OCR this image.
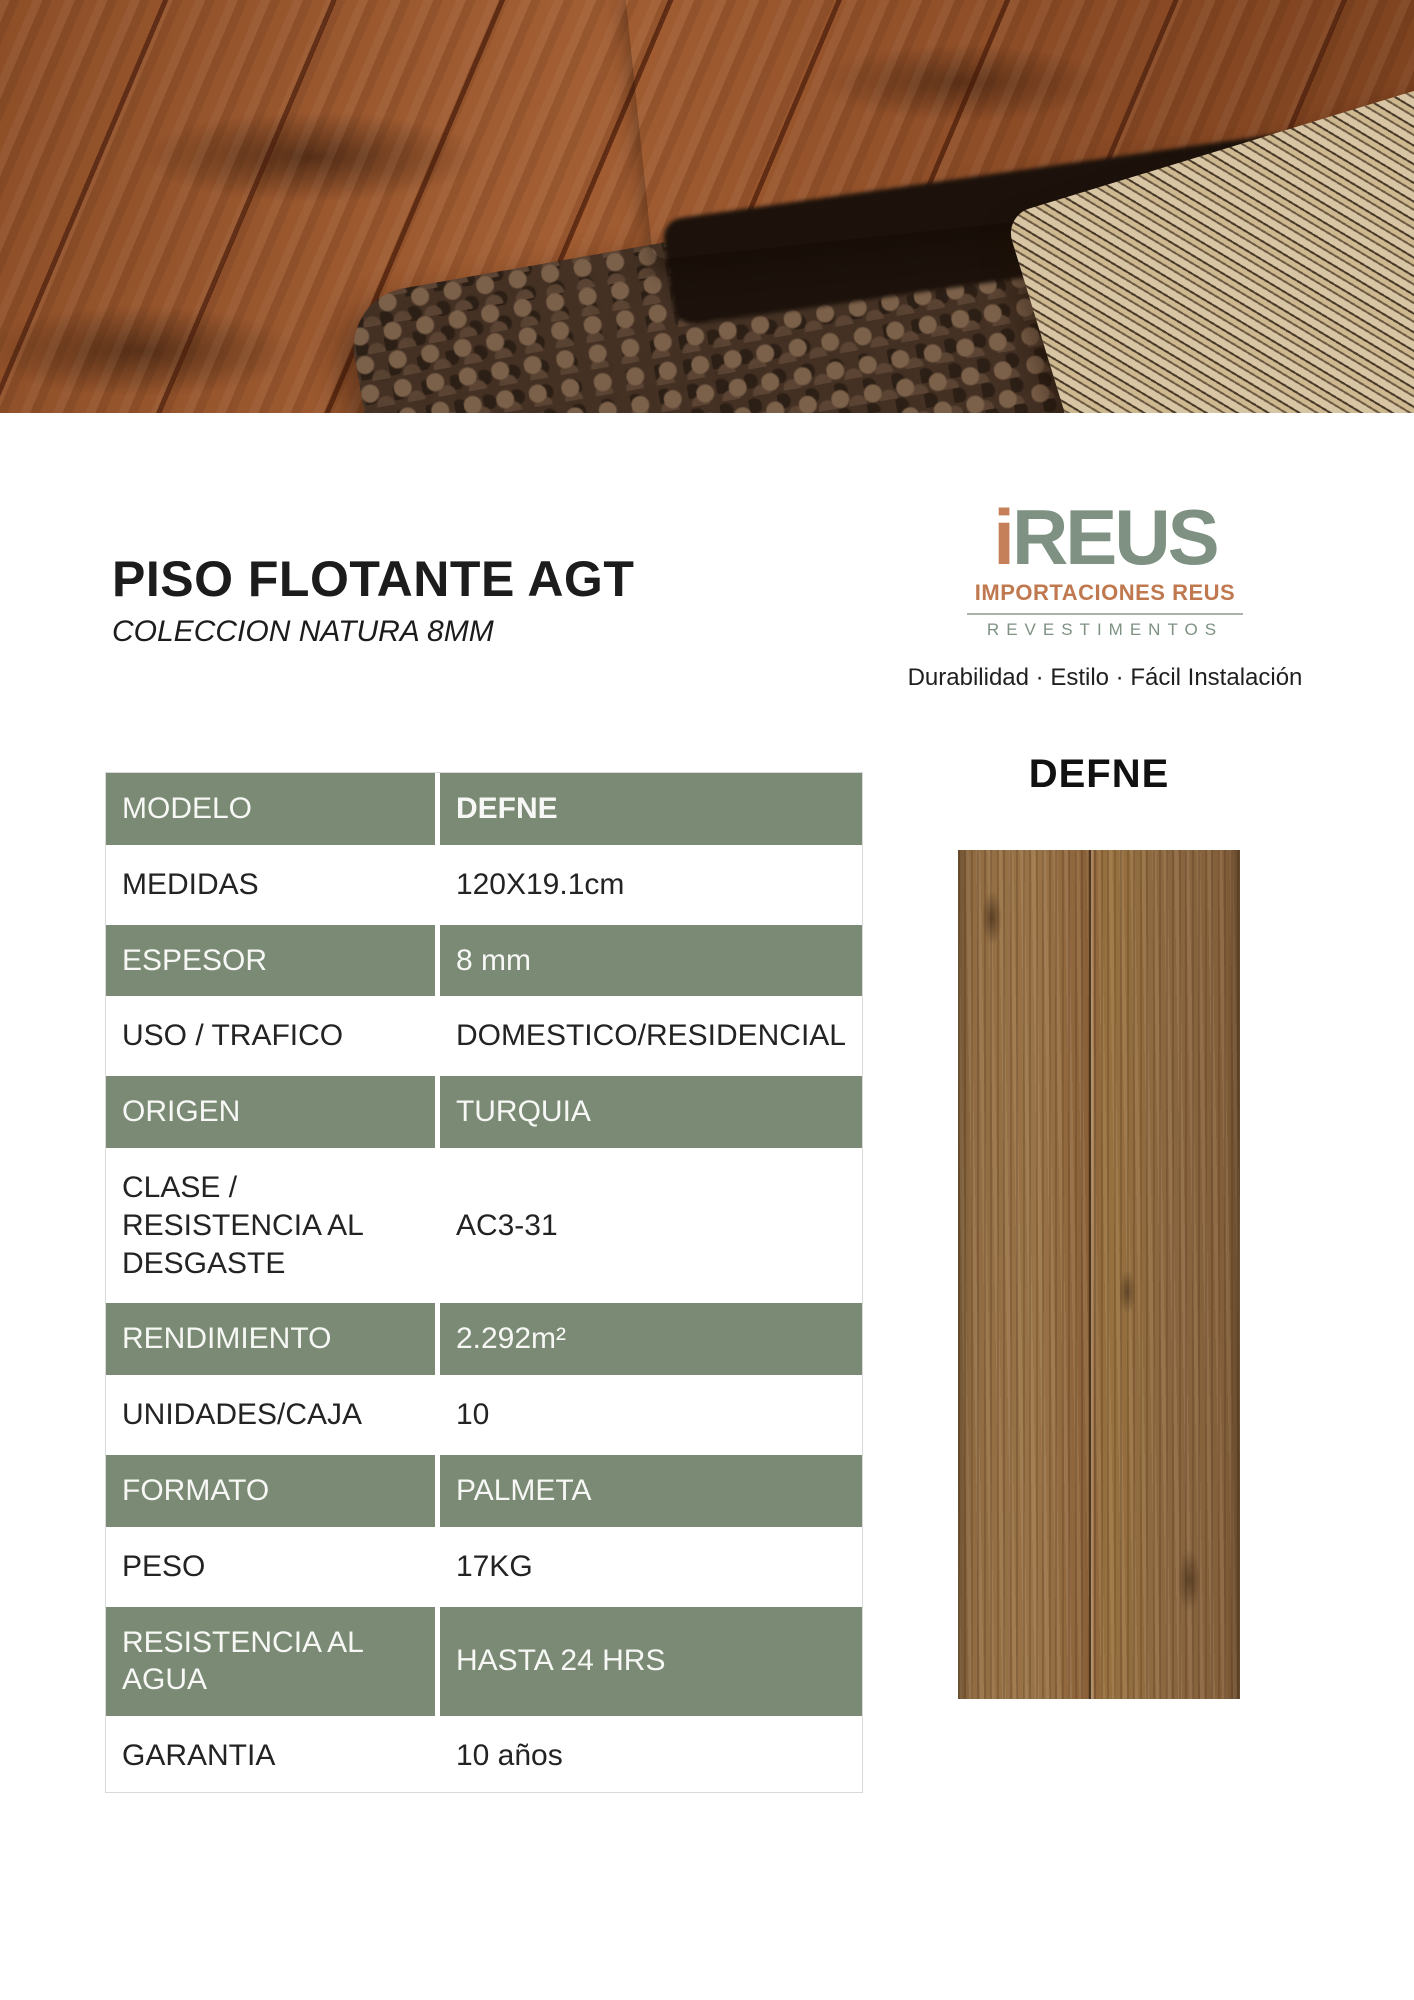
PISO FLOTANTE AGT
COLECCION NATURA 8MM
iREUS
IMPORTACIONES REUS
REVESTIMENTOS
Durabilidad · Estilo · Fácil Instalación
DEFNE
MODELO	DEFNE
MEDIDAS	120X19.1cm
ESPESOR	8 mm
USO / TRAFICO	DOMESTICO/RESIDENCIAL
ORIGEN	TURQUIA
CLASE / RESISTENCIA AL DESGASTE	AC3-31
RENDIMIENTO	2.292m²
UNIDADES/CAJA	10
FORMATO	PALMETA
PESO	17KG
RESISTENCIA AL AGUA	HASTA 24 HRS
GARANTIA	10 años
